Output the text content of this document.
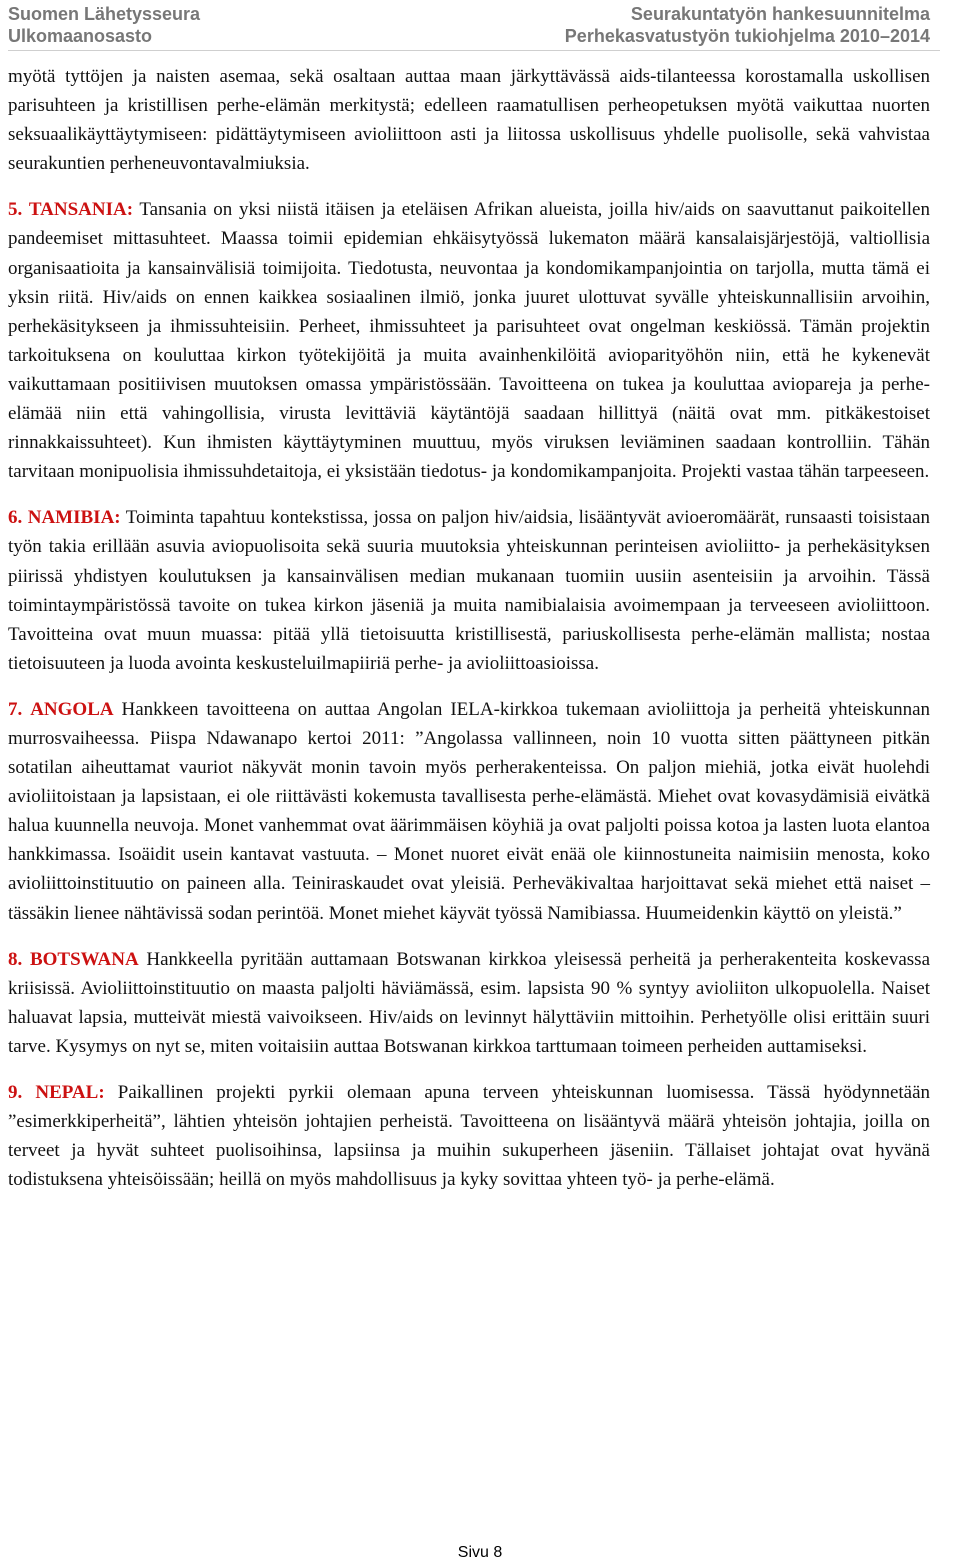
Suomen Lähetysseura
Ulkomaanosasto
Seurakuntatyön hankesuunnitelma
Perhekasvatustyön tukiohjelma 2010–2014

myötä tyttöjen ja naisten asemaa, sekä osaltaan auttaa maan järkyttävässä aids-tilanteessa korostamalla uskollisen parisuhteen ja kristillisen perhe-elämän merkitystä; edelleen raamatullisen perheopetuksen myötä vaikuttaa nuorten seksuaalikäyttäytymiseen: pidättäytymiseen avioliittoon asti ja liitossa uskollisuus yhdelle puolisolle, sekä vahvistaa seurakuntien perheneuvontavalmiuksia.

5. TANSANIA: Tansania on yksi niistä itäisen ja eteläisen Afrikan alueista, joilla hiv/aids on saavuttanut paikoitellen pandeemiset mittasuhteet. Maassa toimii epidemian ehkäisytyössä lukematon määrä kansalaisjärjestöjä, valtiollisia organisaatioita ja kansainvälisiä toimijoita. Tiedotusta, neuvontaa ja kondomikampanjointia on tarjolla, mutta tämä ei yksin riitä. Hiv/aids on ennen kaikkea sosiaalinen ilmiö, jonka juuret ulottuvat syvälle yhteiskunnallisiin arvoihin, perhekäsitykseen ja ihmissuhteisiin. Perheet, ihmissuhteet ja parisuhteet ovat ongelman keskiössä. Tämän projektin tarkoituksena on kouluttaa kirkon työtekijöitä ja muita avainhenkilöitä avioparityöhön niin, että he kykenevät vaikuttamaan positiivisen muutoksen omassa ympäristössään. Tavoitteena on tukea ja kouluttaa aviopareja ja perhe-elämää niin että vahingollisia, virusta levittäviä käytäntöjä saadaan hillittyä (näitä ovat mm. pitkäkestoiset rinnakkaissuhteet). Kun ihmisten käyttäytyminen muuttuu, myös viruksen leviäminen saadaan kontrolliin. Tähän tarvitaan monipuolisia ihmissuhdetaitoja, ei yksistään tiedotus- ja kondomikampanjoita. Projekti vastaa tähän tarpeeseen.

6. NAMIBIA: Toiminta tapahtuu kontekstissa, jossa on paljon hiv/aidsia, lisääntyvät avioeromäärät, runsaasti toisistaan työn takia erillään asuvia aviopuolisoita sekä suuria muutoksia yhteiskunnan perinteisen avioliitto- ja perhekäsityksen piirissä yhdistyen koulutuksen ja kansainvälisen median mukanaan tuomiin uusiin asenteisiin ja arvoihin. Tässä toimintaympäristössä tavoite on tukea kirkon jäseniä ja muita namibialaisia avoimempaan ja terveeseen avioliittoon. Tavoitteina ovat muun muassa: pitää yllä tietoisuutta kristillisestä, pariuskollisesta perhe-elämän mallista; nostaa tietoisuuteen ja luoda avointa keskusteluilmapiiriä perhe- ja avioliittoasioissa.

7. ANGOLA Hankkeen tavoitteena on auttaa Angolan IELA-kirkkoa tukemaan avioliittoja ja perheitä yhteiskunnan murrosvaiheessa. Piispa Ndawanapo kertoi 2011: ”Angolassa vallinneen, noin 10 vuotta sitten päättyneen pitkän sotatilan aiheuttamat vauriot näkyvät monin tavoin myös perherakenteissa. On paljon miehiä, jotka eivät huolehdi avioliitoistaan ja lapsistaan, ei ole riittävästi kokemusta tavallisesta perhe-elämästä. Miehet ovat kovasydämisiä eivätkä halua kuunnella neuvoja. Monet vanhemmat ovat äärimmäisen köyhiä ja ovat paljolti poissa kotoa ja lasten luota elantoa hankkimassa. Isoäidit usein kantavat vastuuta. – Monet nuoret eivät enää ole kiinnostuneita naimisiin menosta, koko avioliittoinstituutio on paineen alla. Teiniraskaudet ovat yleisiä. Perheväkivaltaa harjoittavat sekä miehet että naiset – tässäkin lienee nähtävissä sodan perintöä. Monet miehet käyvät työssä Namibiassa. Huumeidenkin käyttö on yleistä.”

8. BOTSWANA Hankkeella pyritään auttamaan Botswanan kirkkoa yleisessä perheitä ja perherakenteita koskevassa kriisissä. Avioliittoinstituutio on maasta paljolti häviämässä, esim. lapsista 90 % syntyy avioliiton ulkopuolella. Naiset haluavat lapsia, mutteivät miestä vaivoikseen. Hiv/aids on levinnyt hälyttäviin mittoihin. Perhetyölle olisi erittäin suuri tarve. Kysymys on nyt se, miten voitaisiin auttaa Botswanan kirkkoa tarttumaan toimeen perheiden auttamiseksi.

9. NEPAL: Paikallinen projekti pyrkii olemaan apuna terveen yhteiskunnan luomisessa. Tässä hyödynnetään ”esimerkkiperheitä”, lähtien yhteisön johtajien perheistä. Tavoitteena on lisääntyvä määrä yhteisön johtajia, joilla on terveet ja hyvät suhteet puolisoihinsa, lapsiinsa ja muihin sukuperheen jäseniin. Tällaiset johtajat ovat hyvänä todistuksena yhteisöissään; heillä on myös mahdollisuus ja kyky sovittaa yhteen työ- ja perhe-elämä.

Sivu 8
